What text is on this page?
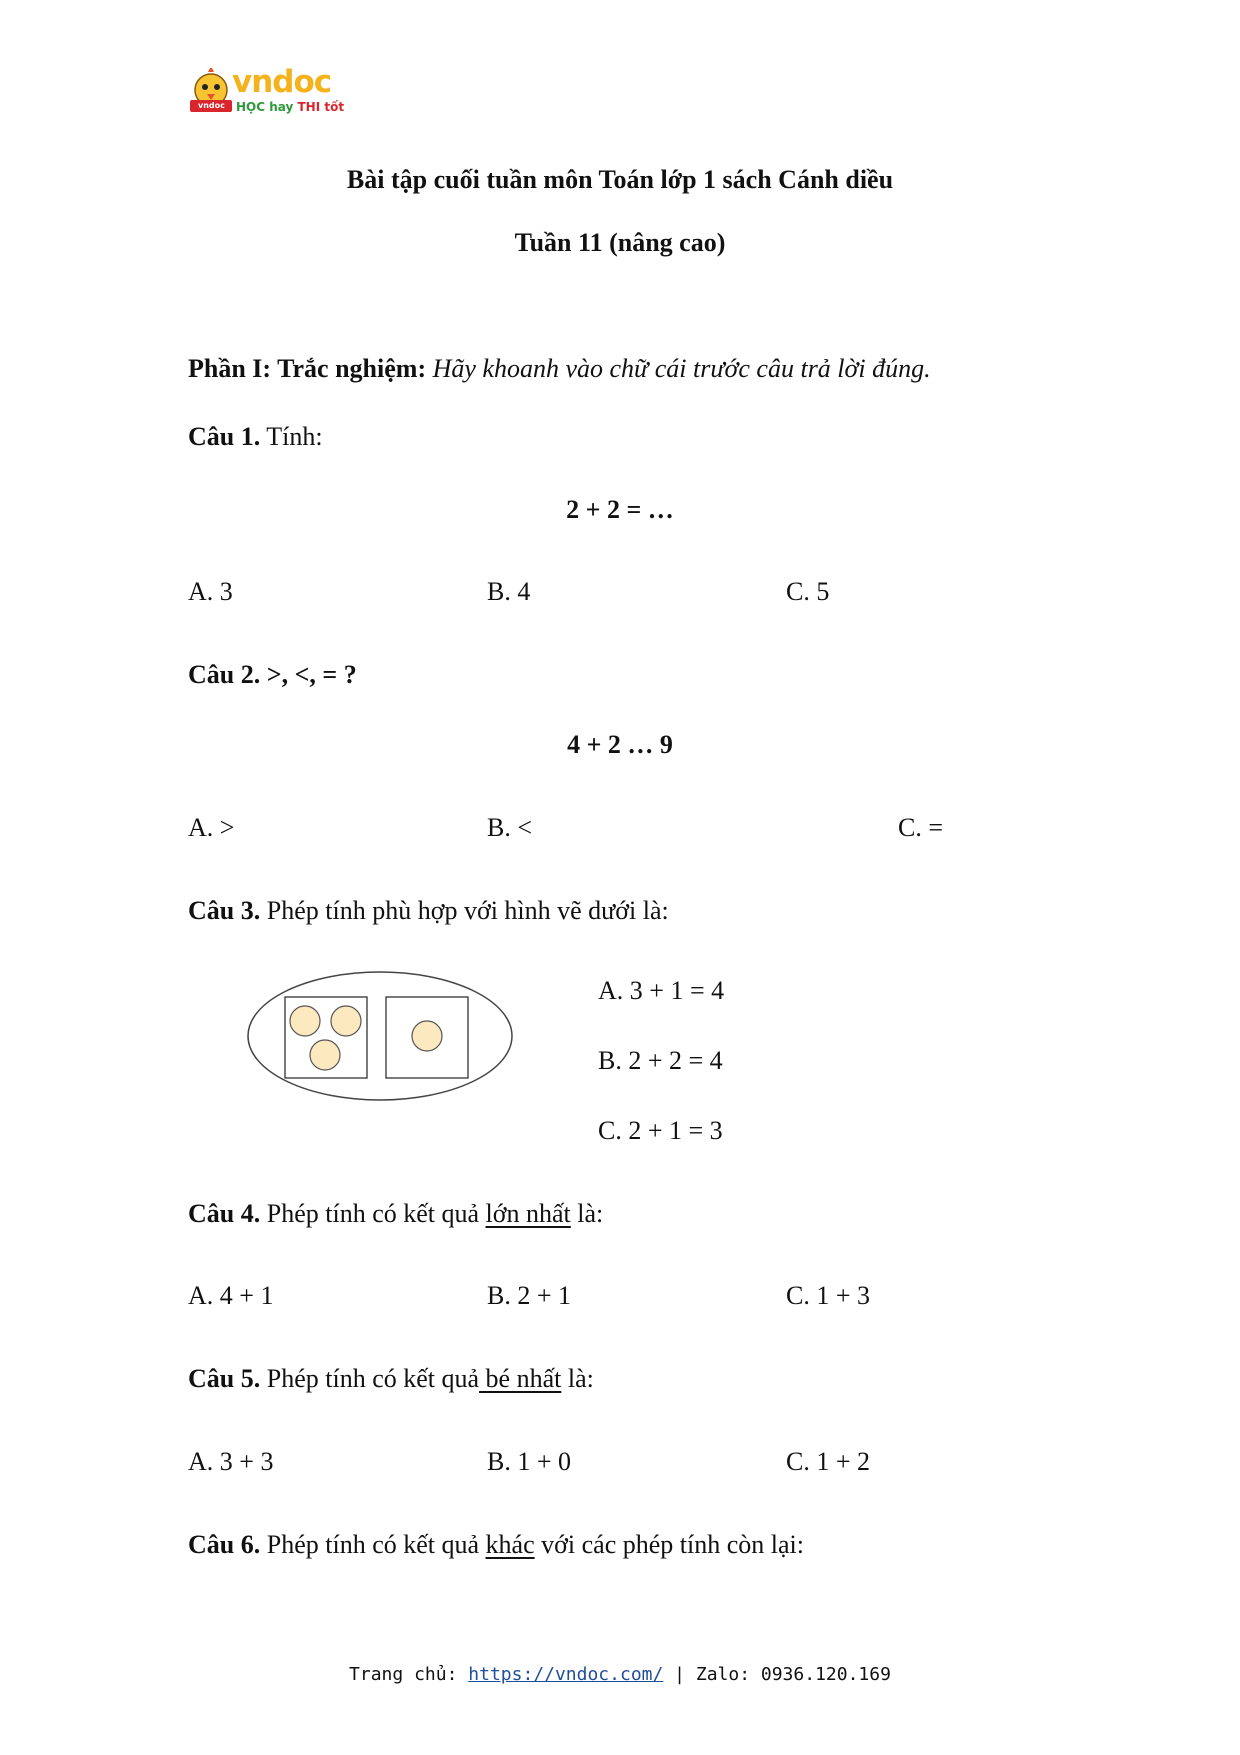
vndoc
vndoc
HỌC hay THI tốt
Bài tập cuối tuần môn Toán lớp 1 sách Cánh diều
Tuần 11 (nâng cao)
Phần I: Trắc nghiệm: Hãy khoanh vào chữ cái trước câu trả lời đúng.
Câu 1. Tính:
2 + 2 = …
A. 3	B. 4	C. 5
Câu 2. >, <, = ?
4 + 2 … 9
A. >	B. <	C. =
Câu 3. Phép tính phù hợp với hình vẽ dưới là:
A. 3 + 1 = 4
B. 2 + 2 = 4
C. 2 + 1 = 3
Câu 4. Phép tính có kết quả lớn nhất là:
A. 4 + 1	B. 2 + 1	C. 1 + 3
Câu 5. Phép tính có kết quả bé nhất là:
A. 3 + 3	B. 1 + 0	C. 1 + 2
Câu 6. Phép tính có kết quả khác với các phép tính còn lại:
Trang chủ: https://vndoc.com/ | Zalo: 0936.120.169
